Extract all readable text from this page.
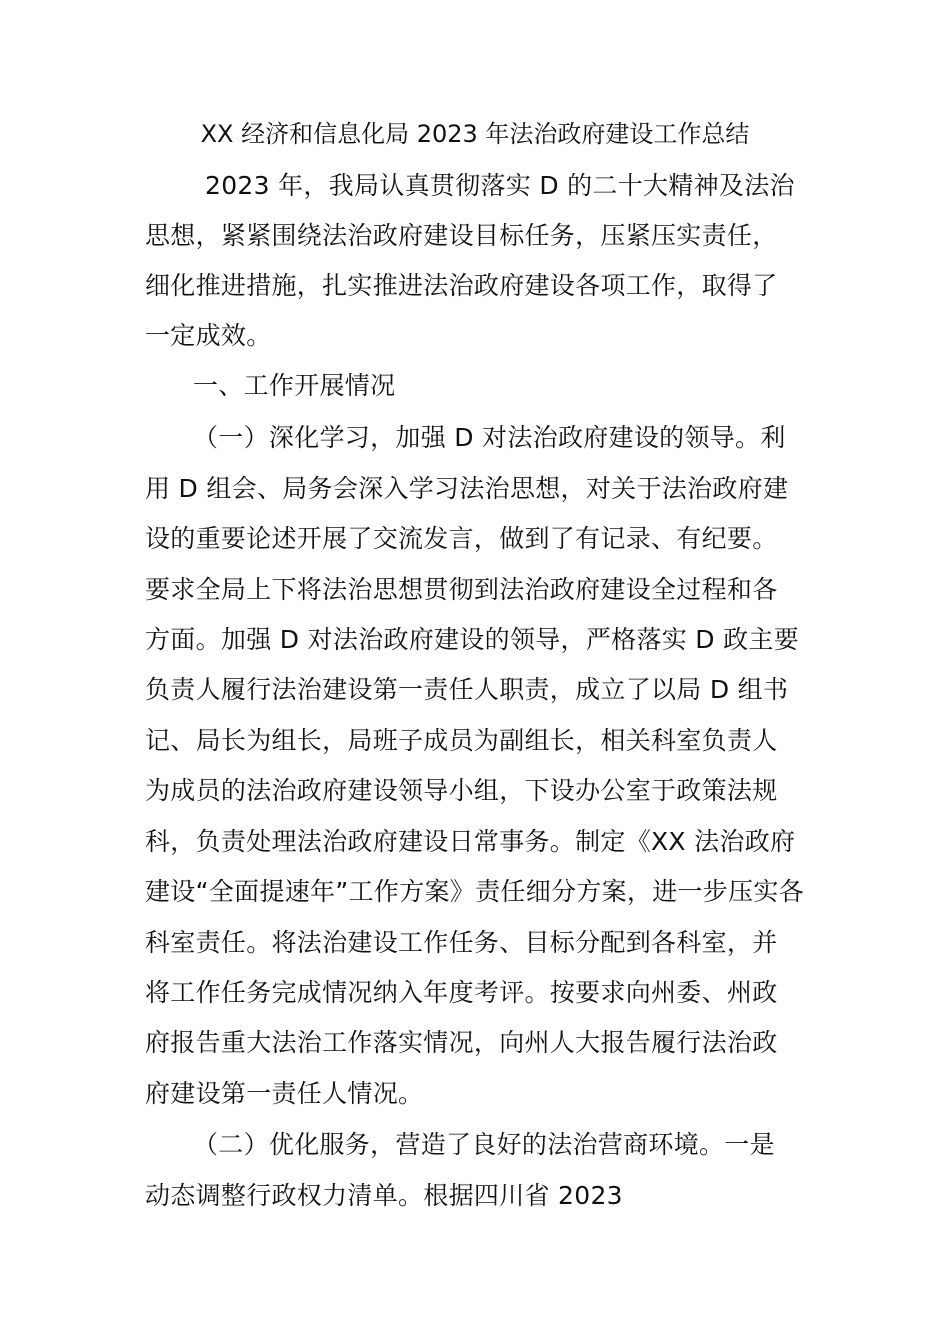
XX 经济和信息化局 2023 年法治政府建设工作总结
2023 年，我局认真贯彻落实 D 的二十大精神及法治
思想，紧紧围绕法治政府建设目标任务，压紧压实责任，
细化推进措施，扎实推进法治政府建设各项工作，取得了
一定成效。
一、工作开展情况
（一）深化学习，加强 D 对法治政府建设的领导。利
用 D 组会、局务会深入学习法治思想，对关于法治政府建
设的重要论述开展了交流发言，做到了有记录、有纪要。
要求全局上下将法治思想贯彻到法治政府建设全过程和各
方面。加强 D 对法治政府建设的领导，严格落实 D 政主要
负责人履行法治建设第一责任人职责，成立了以局 D 组书
记、局长为组长，局班子成员为副组长，相关科室负责人
为成员的法治政府建设领导小组，下设办公室于政策法规
科，负责处理法治政府建设日常事务。制定《XX 法治政府
建设“全面提速年”工作方案》责任细分方案，进一步压实各
科室责任。将法治建设工作任务、目标分配到各科室，并
将工作任务完成情况纳入年度考评。按要求向州委、州政
府报告重大法治工作落实情况，向州人大报告履行法治政
府建设第一责任人情况。
（二）优化服务，营造了良好的法治营商环境。一是
动态调整行政权力清单。根据四川省 2023
